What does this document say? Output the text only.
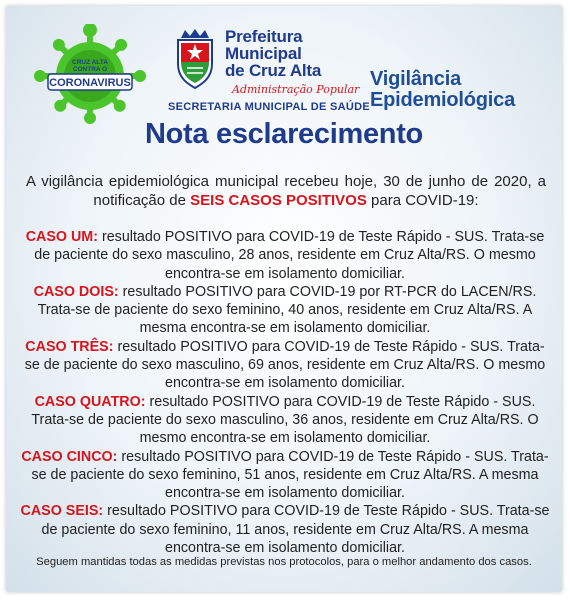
CRUZ ALTA
CONTRA O
CORONAVIRUS
Prefeitura
Municipal
de Cruz Alta
Administração Popular
SECRETARIA MUNICIPAL DE SAÚDE
Vigilância
Epidemiológica
Nota esclarecimento
A vigilância epidemiológica municipal recebeu hoje, 30 de junho de 2020, a notificação de SEIS CASOS POSITIVOS para COVID-19:

CASO UM: resultado POSITIVO para COVID-19 de Teste Rápido - SUS. Trata-se de paciente do sexo masculino, 28 anos, residente em Cruz Alta/RS. O mesmo encontra-se em isolamento domiciliar.

CASO DOIS: resultado POSITIVO para COVID-19 por RT-PCR do LACEN/RS. Trata-se de paciente do sexo feminino, 40 anos, residente em Cruz Alta/RS. A mesma encontra-se em isolamento domiciliar.

CASO TRÊS: resultado POSITIVO para COVID-19 de Teste Rápido - SUS. Trata-se de paciente do sexo masculino, 69 anos, residente em Cruz Alta/RS. O mesmo encontra-se em isolamento domiciliar.

CASO QUATRO: resultado POSITIVO para COVID-19 de Teste Rápido - SUS. Trata-se de paciente do sexo masculino, 36 anos, residente em Cruz Alta/RS. O mesmo encontra-se em isolamento domiciliar.

CASO CINCO: resultado POSITIVO para COVID-19 de Teste Rápido - SUS. Trata-se de paciente do sexo feminino, 51 anos, residente em Cruz Alta/RS. A mesma encontra-se em isolamento domiciliar.

CASO SEIS: resultado POSITIVO para COVID-19 de Teste Rápido - SUS. Trata-se de paciente do sexo feminino, 11 anos, residente em Cruz Alta/RS. A mesma encontra-se em isolamento domiciliar.

Seguem mantidas todas as medidas previstas nos protocolos, para o melhor andamento dos casos.
